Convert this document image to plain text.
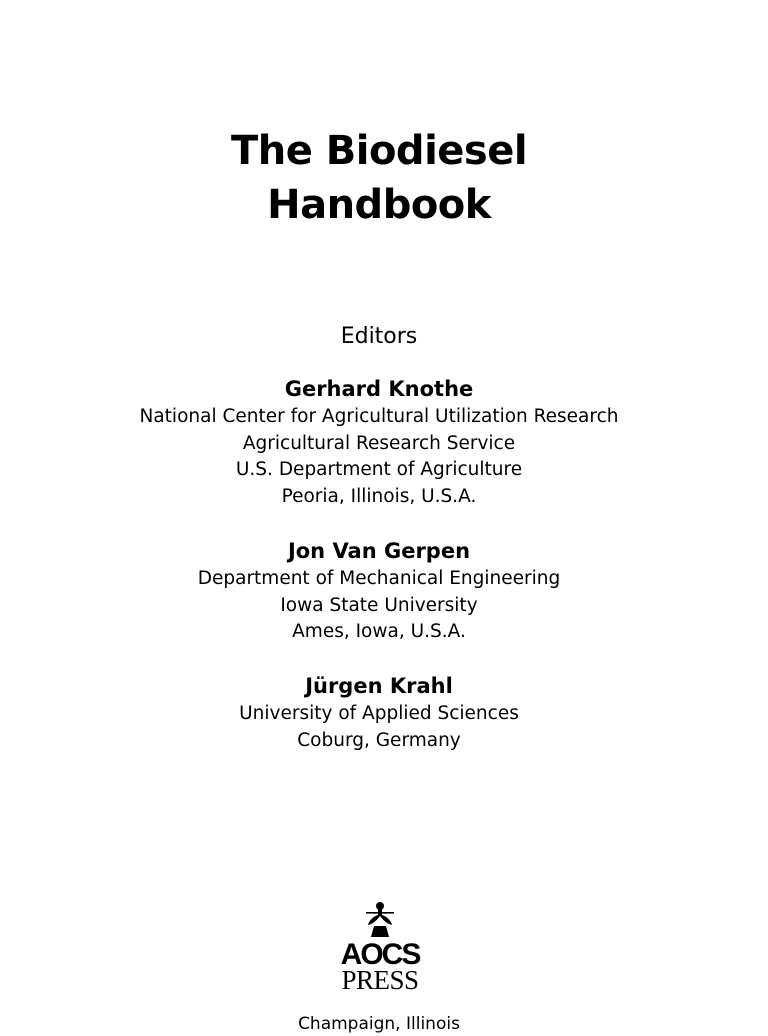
The Biodiesel
Handbook
Editors
Gerhard Knothe
National Center for Agricultural Utilization Research
Agricultural Research Service
U.S. Department of Agriculture
Peoria, Illinois, U.S.A.
Jon Van Gerpen
Department of Mechanical Engineering
Iowa State University
Ames, Iowa, U.S.A.
Jürgen Krahl
University of Applied Sciences
Coburg, Germany
AOCS
PRESS
Champaign, Illinois
